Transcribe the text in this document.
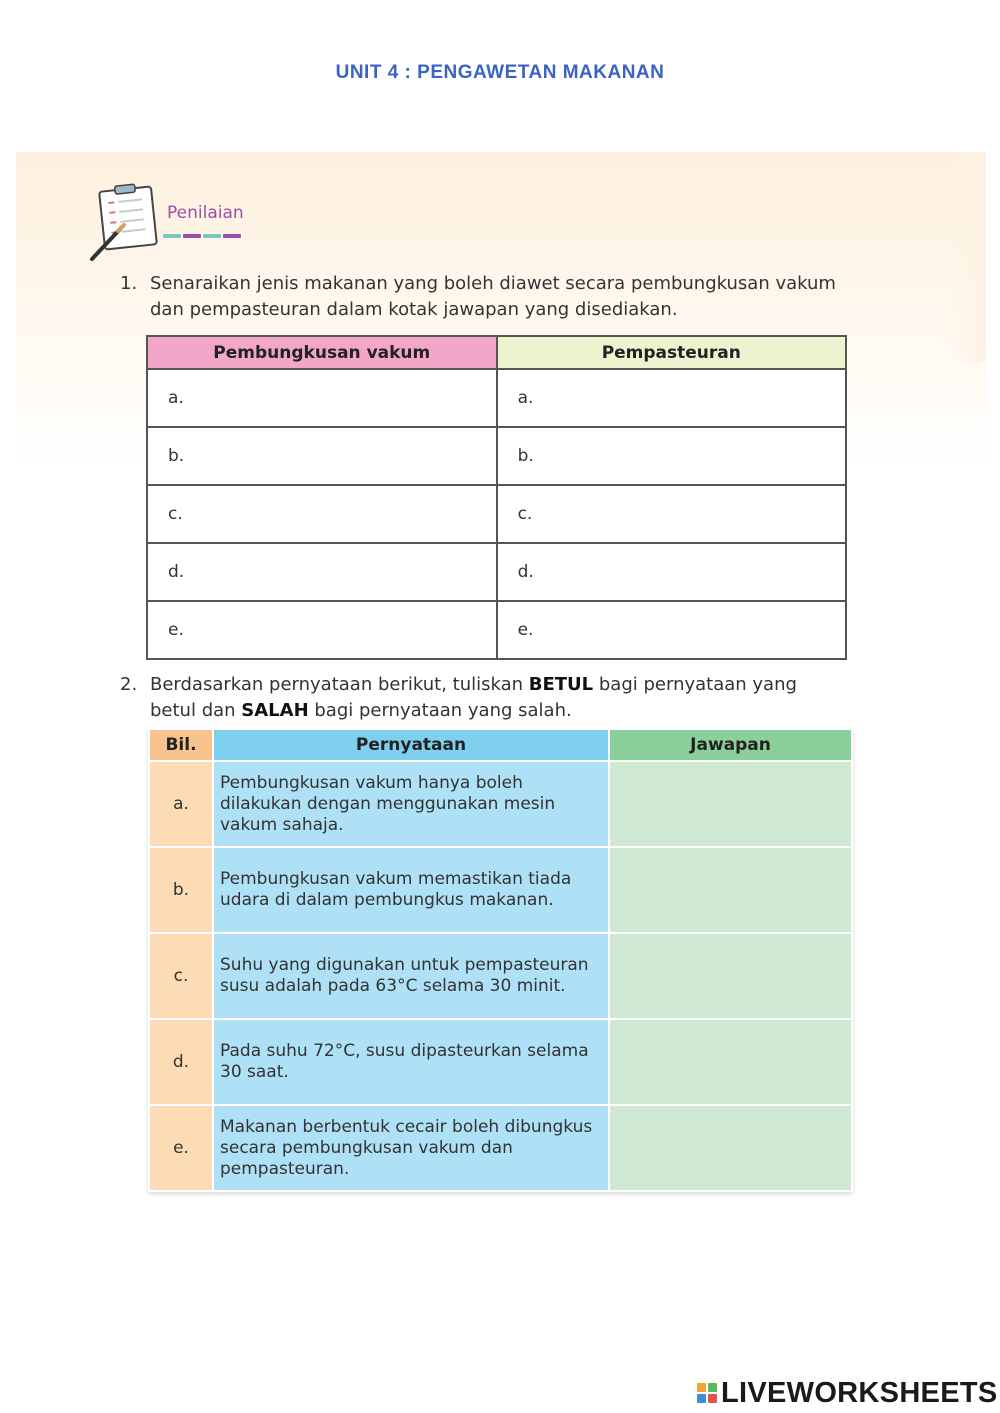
UNIT 4 : PENGAWETAN MAKANAN
Penilaian
1. Senaraikan jenis makanan yang boleh diawet secara pembungkusan vakum dan pempasteuran dalam kotak jawapan yang disediakan.
Pembungkusan vakum	Pempasteuran
a.	a.
b.	b.
c.	c.
d.	d.
e.	e.
2. Berdasarkan pernyataan berikut, tuliskan BETUL bagi pernyataan yang betul dan SALAH bagi pernyataan yang salah.
Bil.	Pernyataan	Jawapan
a.	Pembungkusan vakum hanya boleh dilakukan dengan menggunakan mesin vakum sahaja.	
b.	Pembungkusan vakum memastikan tiada udara di dalam pembungkus makanan.	
c.	Suhu yang digunakan untuk pempasteuran susu adalah pada 63°C selama 30 minit.	
d.	Pada suhu 72°C, susu dipasteurkan selama 30 saat.	
e.	Makanan berbentuk cecair boleh dibungkus secara pembungkusan vakum dan pempasteuran.	
LIVEWORKSHEETS
